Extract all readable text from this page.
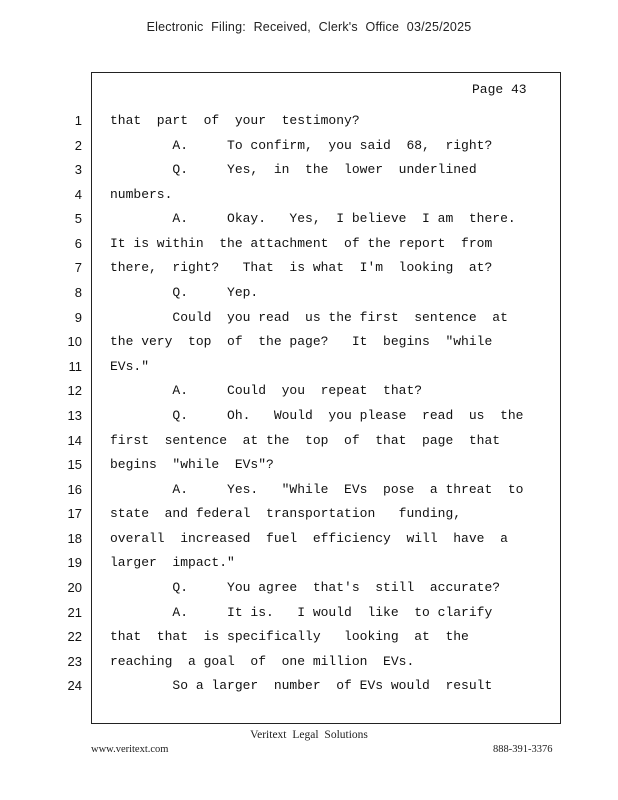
Electronic Filing: Received, Clerk's Office 03/25/2025
Page 43
1 that  part  of  your  testimony?
2 A.     To confirm,  you said  68,  right?
3 Q.     Yes,  in  the  lower  underlined
4 numbers.
5 A.     Okay.   Yes,  I believe  I am  there.
6 It is within  the attachment  of the report  from
7 there,  right?   That  is what  I'm  looking  at?
8 Q.     Yep.
9 Could  you read  us the first  sentence  at
10 the very  top  of  the page?   It  begins  "while
11 EVs."
12 A.     Could  you  repeat  that?
13 Q.     Oh.   Would  you please  read  us  the
14 first  sentence  at the  top  of  that  page  that
15 begins  "while  EVs"?
16 A.     Yes.   "While  EVs  pose  a threat  to
17 state  and federal  transportation   funding,
18 overall  increased  fuel  efficiency  will  have  a
19 larger  impact."
20 Q.     You agree  that's  still  accurate?
21 A.     It is.   I would  like  to clarify
22 that  that  is specifically   looking  at  the
23 reaching  a goal  of  one million  EVs.
24 So a larger  number  of EVs would  result
Veritext Legal Solutions
www.veritext.com	888-391-3376
